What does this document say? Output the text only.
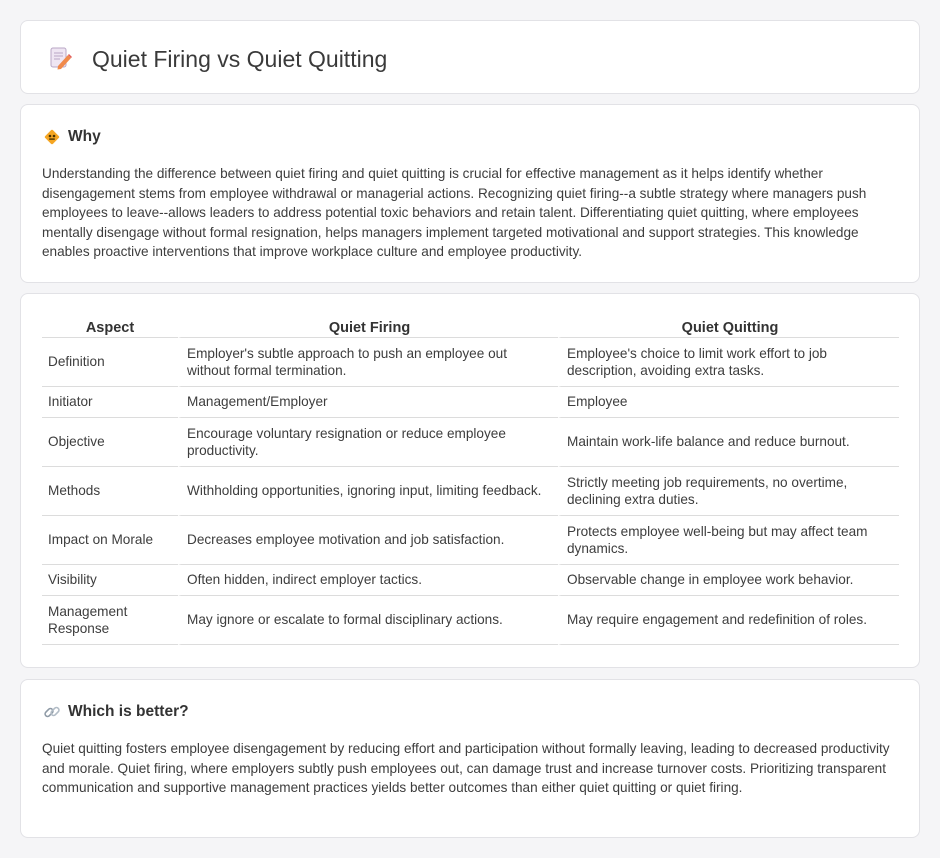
Quiet Firing vs Quiet Quitting
Why

Understanding the difference between quiet firing and quiet quitting is crucial for effective management as it helps identify whether disengagement stems from employee withdrawal or managerial actions. Recognizing quiet firing--a subtle strategy where managers push employees to leave--allows leaders to address potential toxic behaviors and retain talent. Differentiating quiet quitting, where employees mentally disengage without formal resignation, helps managers implement targeted motivational and support strategies. This knowledge enables proactive interventions that improve workplace culture and employee productivity.

Aspect	Quiet Firing	Quiet Quitting
Definition	Employer's subtle approach to push an employee out without formal termination.	Employee's choice to limit work effort to job description, avoiding extra tasks.
Initiator	Management/Employer	Employee
Objective	Encourage voluntary resignation or reduce employee productivity.	Maintain work-life balance and reduce burnout.
Methods	Withholding opportunities, ignoring input, limiting feedback.	Strictly meeting job requirements, no overtime, declining extra duties.
Impact on Morale	Decreases employee motivation and job satisfaction.	Protects employee well-being but may affect team dynamics.
Visibility	Often hidden, indirect employer tactics.	Observable change in employee work behavior.
Management Response	May ignore or escalate to formal disciplinary actions.	May require engagement and redefinition of roles.
Which is better?

Quiet quitting fosters employee disengagement by reducing effort and participation without formally leaving, leading to decreased productivity and morale. Quiet firing, where employers subtly push employees out, can damage trust and increase turnover costs. Prioritizing transparent communication and supportive management practices yields better outcomes than either quiet quitting or quiet firing.
